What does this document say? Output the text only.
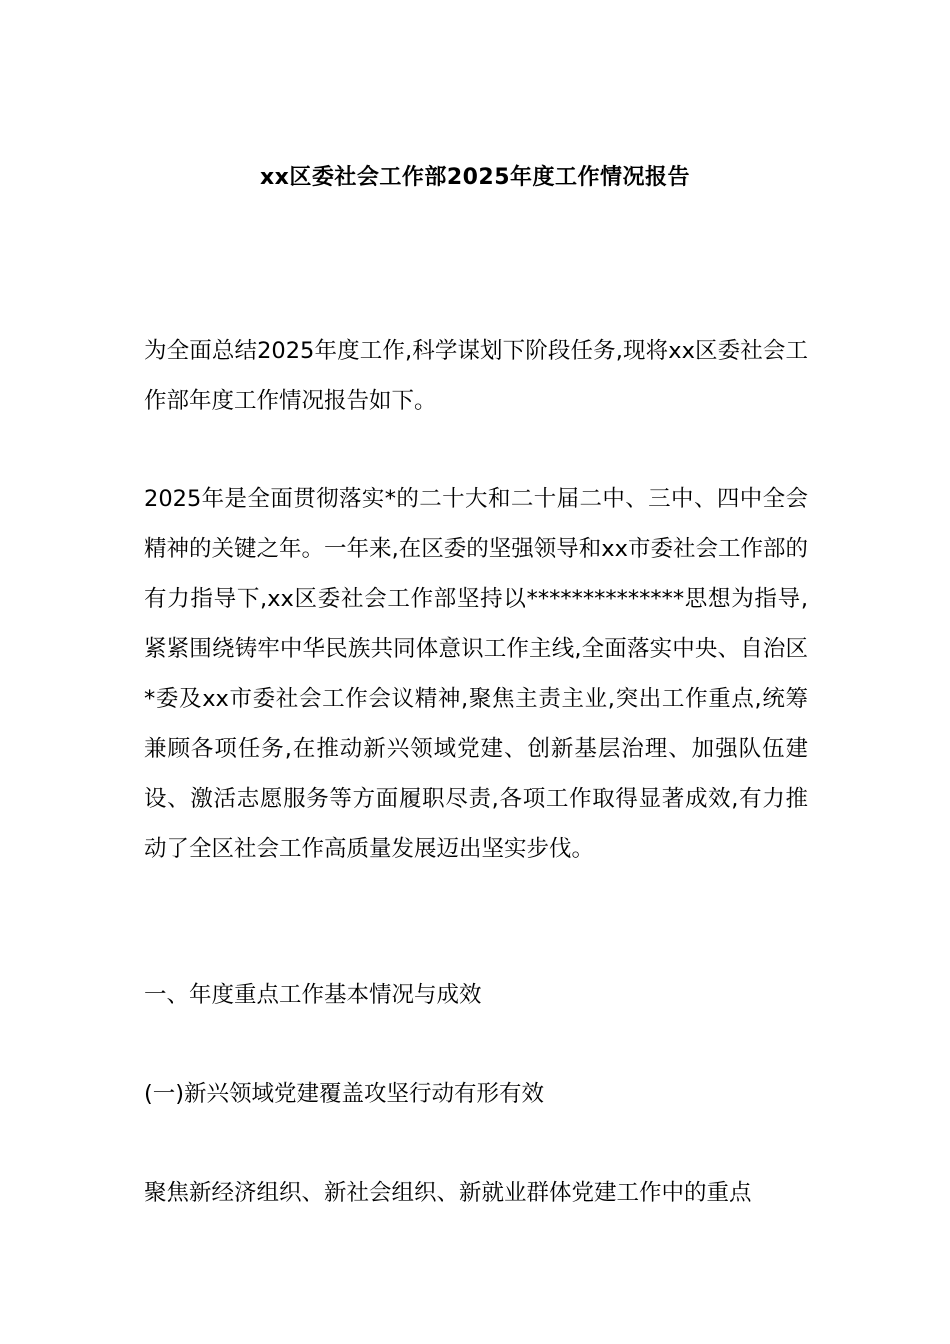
xx区委社会工作部2025年度工作情况报告
为全面总结2025年度工作,科学谋划下阶段任务,现将xx区委社会工作部年度工作情况报告如下。
2025年是全面贯彻落实*的二十大和二十届二中、三中、四中全会精神的关键之年。一年来,在区委的坚强领导和xx市委社会工作部的有力指导下,xx区委社会工作部坚持以**************思想为指导,紧紧围绕铸牢中华民族共同体意识工作主线,全面落实中央、自治区*委及xx市委社会工作会议精神,聚焦主责主业,突出工作重点,统筹兼顾各项任务,在推动新兴领域党建、创新基层治理、加强队伍建设、激活志愿服务等方面履职尽责,各项工作取得显著成效,有力推动了全区社会工作高质量发展迈出坚实步伐。
一、年度重点工作基本情况与成效
(一)新兴领域党建覆盖攻坚行动有形有效
聚焦新经济组织、新社会组织、新就业群体党建工作中的重点
